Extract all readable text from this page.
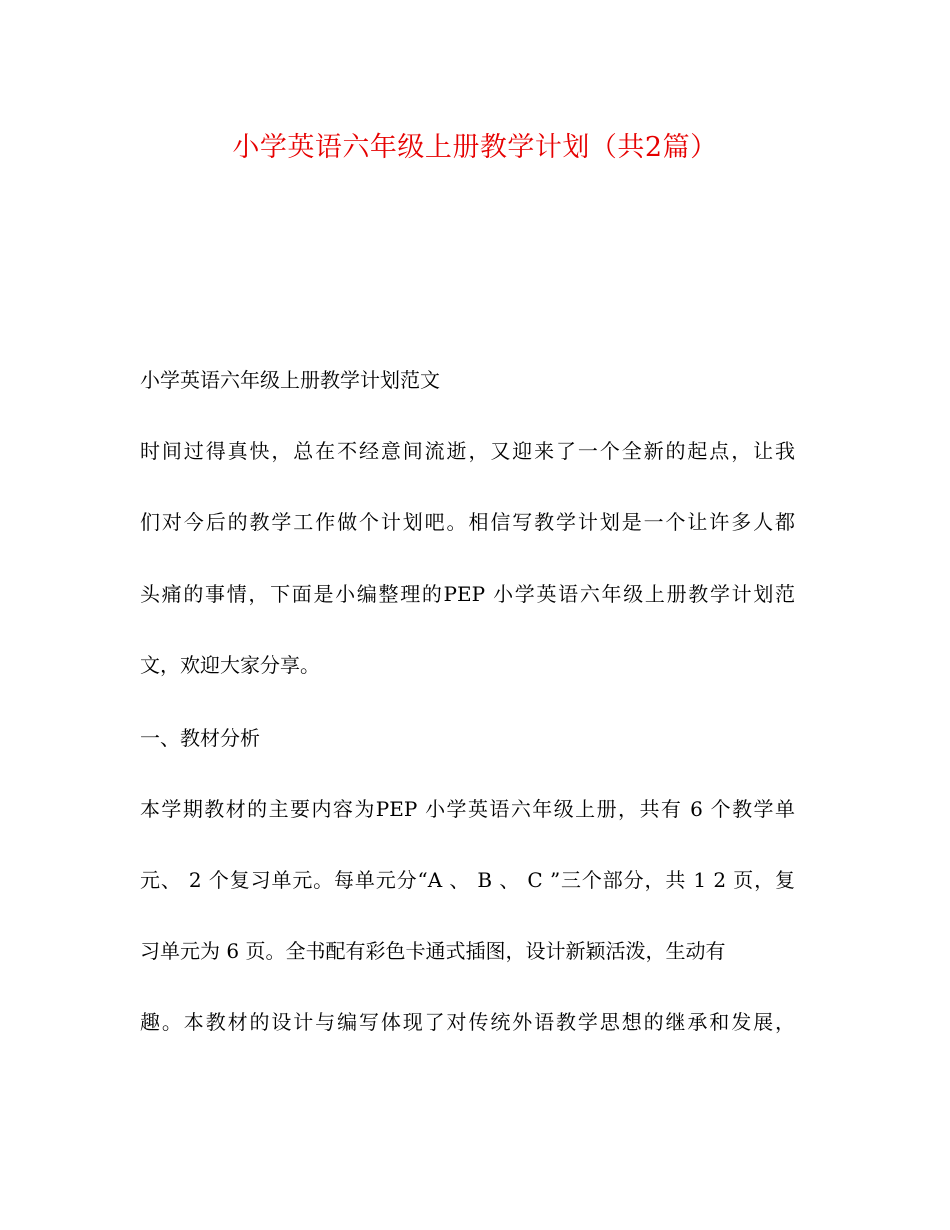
小学英语六年级上册教学计划（共2篇）

小学英语六年级上册教学计划范文

时间过得真快，总在不经意间流逝，又迎来了一个全新的起点，让我

们对今后的教学工作做个计划吧。相信写教学计划是一个让许多人都

头痛的事情，下面是小编整理的PEP 小学英语六年级上册教学计划范

文，欢迎大家分享。

一、教材分析

本学期教材的主要内容为PEP 小学英语六年级上册，共有 6 个教学单

元、 2 个复习单元。每单元分“A 、 B 、 C ”三个部分，共 1 2 页，复

习单元为 6 页。全书配有彩色卡通式插图，设计新颖活泼，生动有

趣。本教材的设计与编写体现了对传统外语教学思想的继承和发展，
